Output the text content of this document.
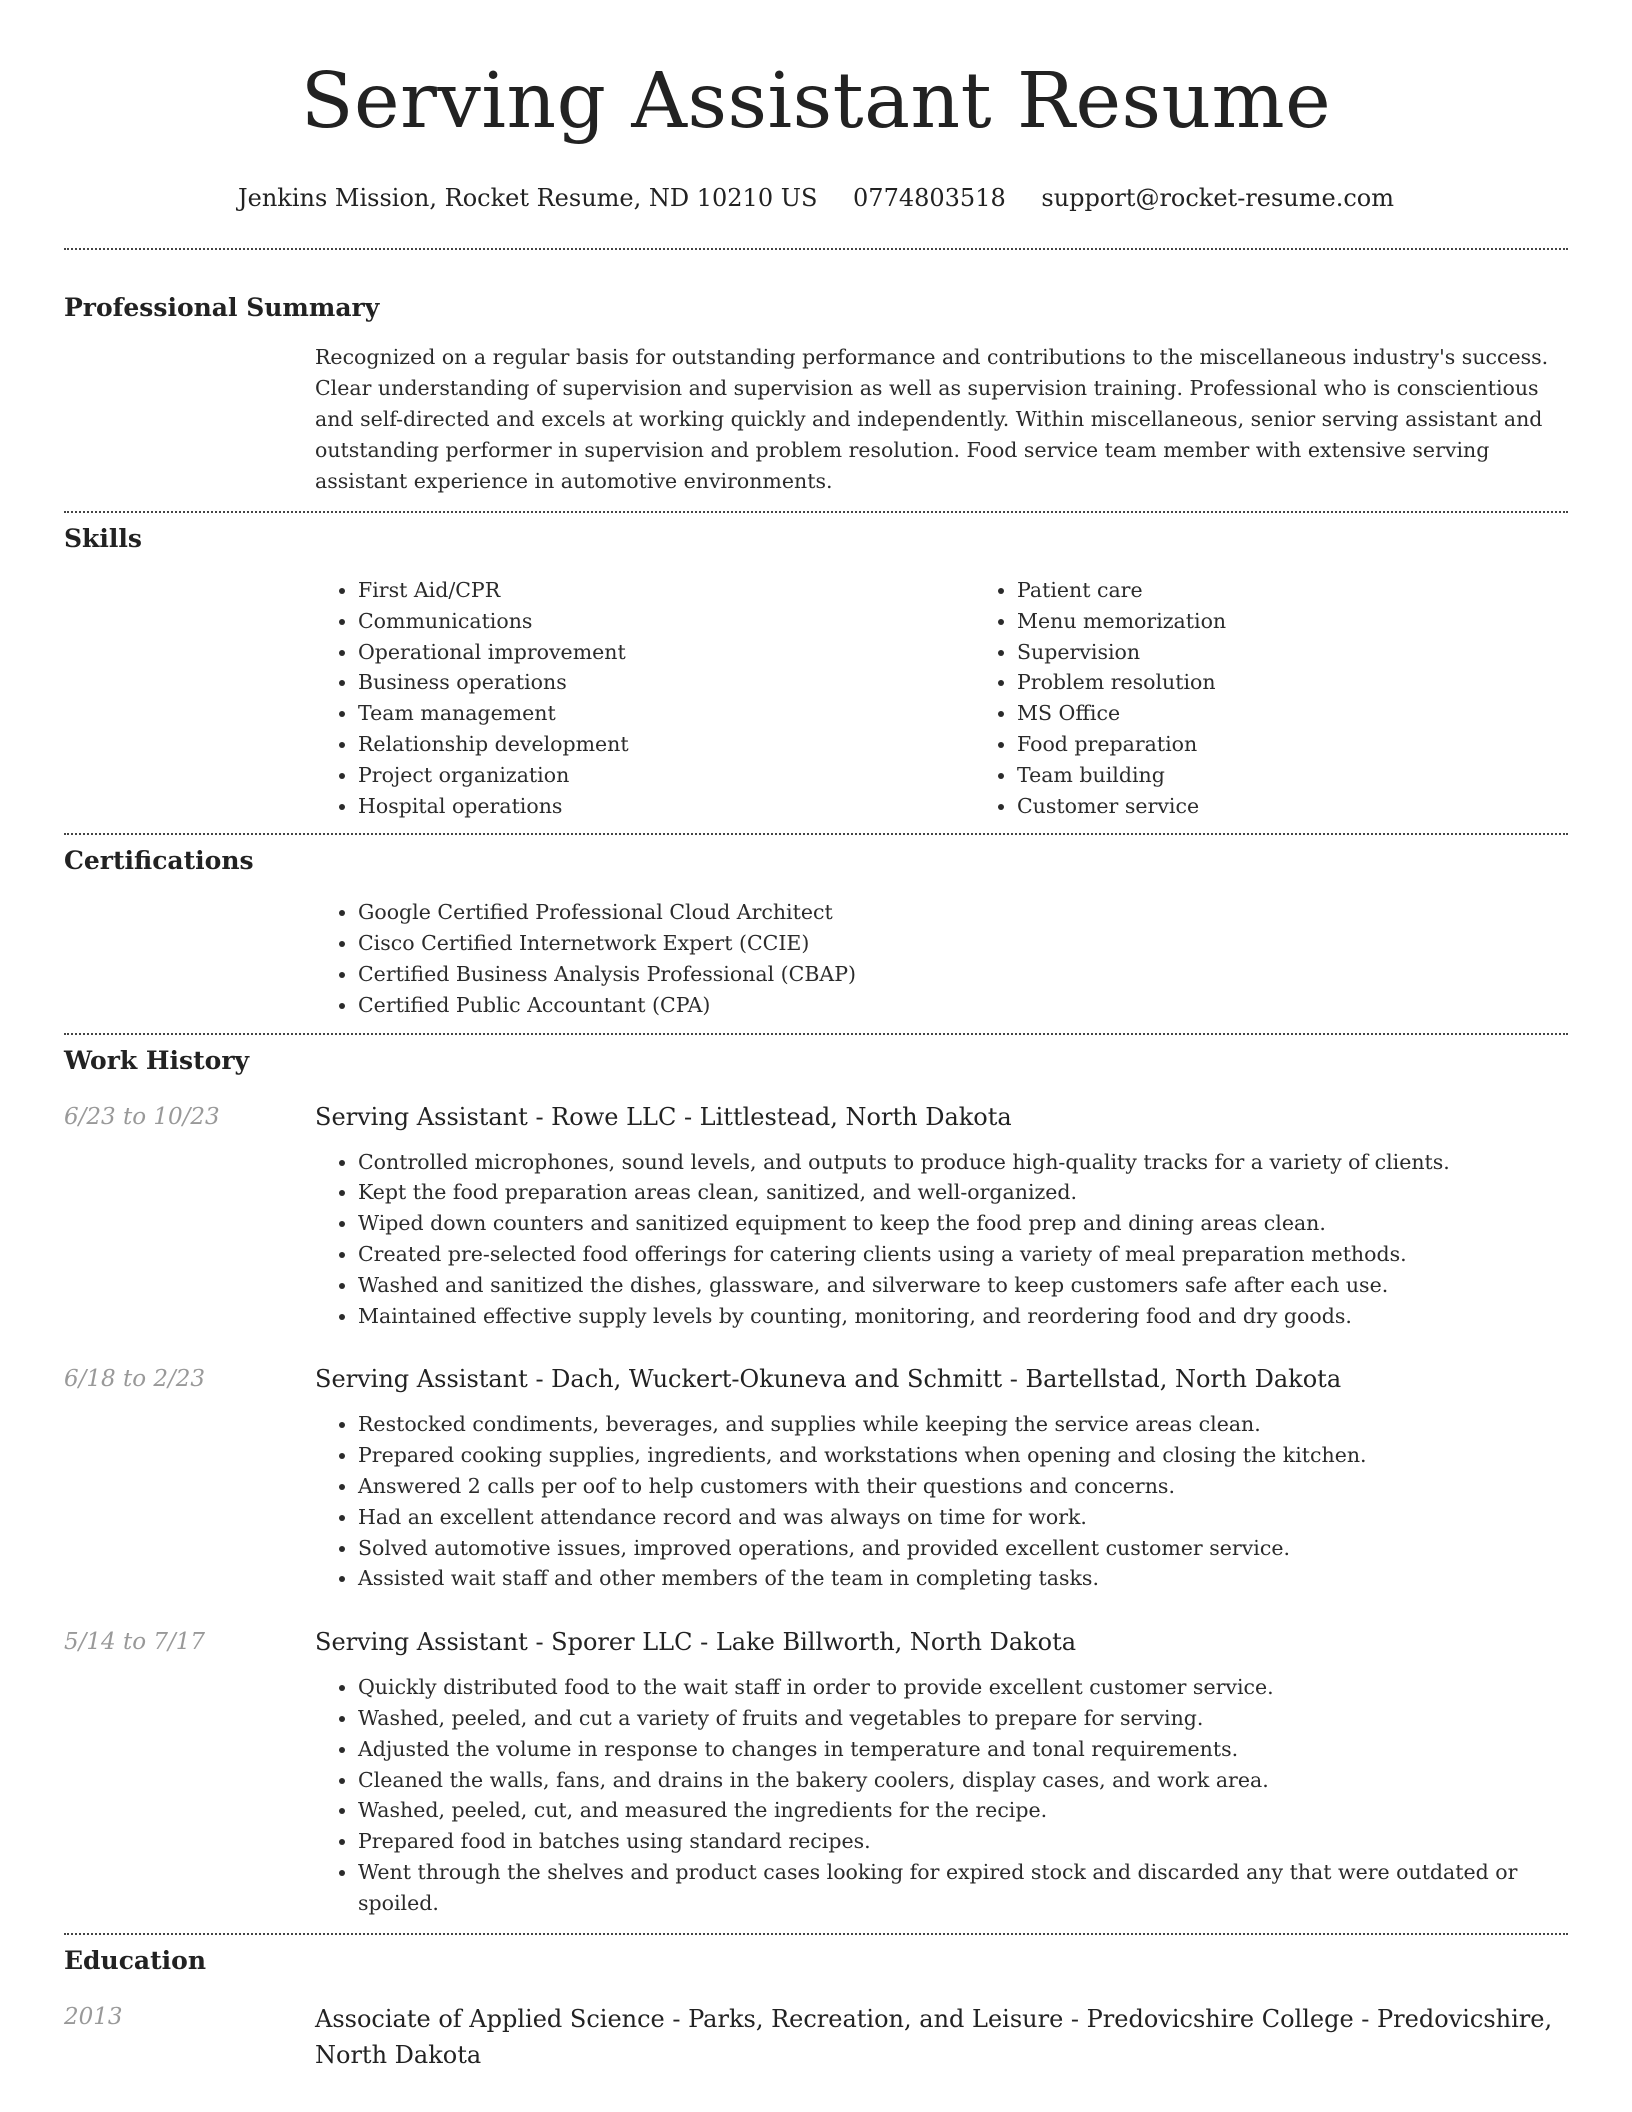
Serving Assistant Resume
Jenkins Mission, Rocket Resume, ND 10210 US 0774803518 support@rocket-resume.com
Professional Summary
Recognized on a regular basis for outstanding performance and contributions to the miscellaneous industry's success. Clear understanding of supervision and supervision as well as supervision training. Professional who is conscientious and self-directed and excels at working quickly and independently. Within miscellaneous, senior serving assistant and outstanding performer in supervision and problem resolution. Food service team member with extensive serving assistant experience in automotive environments.
Skills
• First Aid/CPR
• Communications
• Operational improvement
• Business operations
• Team management
• Relationship development
• Project organization
• Hospital operations
• Patient care
• Menu memorization
• Supervision
• Problem resolution
• MS Office
• Food preparation
• Team building
• Customer service
Certifications
• Google Certified Professional Cloud Architect
• Cisco Certified Internetwork Expert (CCIE)
• Certified Business Analysis Professional (CBAP)
• Certified Public Accountant (CPA)
Work History
6/23 to 10/23	Serving Assistant - Rowe LLC - Littlestead, North Dakota
• Controlled microphones, sound levels, and outputs to produce high-quality tracks for a variety of clients.
• Kept the food preparation areas clean, sanitized, and well-organized.
• Wiped down counters and sanitized equipment to keep the food prep and dining areas clean.
• Created pre-selected food offerings for catering clients using a variety of meal preparation methods.
• Washed and sanitized the dishes, glassware, and silverware to keep customers safe after each use.
• Maintained effective supply levels by counting, monitoring, and reordering food and dry goods.
6/18 to 2/23	Serving Assistant - Dach, Wuckert-Okuneva and Schmitt - Bartellstad, North Dakota
• Restocked condiments, beverages, and supplies while keeping the service areas clean.
• Prepared cooking supplies, ingredients, and workstations when opening and closing the kitchen.
• Answered 2 calls per oof to help customers with their questions and concerns.
• Had an excellent attendance record and was always on time for work.
• Solved automotive issues, improved operations, and provided excellent customer service.
• Assisted wait staff and other members of the team in completing tasks.
5/14 to 7/17	Serving Assistant - Sporer LLC - Lake Billworth, North Dakota
• Quickly distributed food to the wait staff in order to provide excellent customer service.
• Washed, peeled, and cut a variety of fruits and vegetables to prepare for serving.
• Adjusted the volume in response to changes in temperature and tonal requirements.
• Cleaned the walls, fans, and drains in the bakery coolers, display cases, and work area.
• Washed, peeled, cut, and measured the ingredients for the recipe.
• Prepared food in batches using standard recipes.
• Went through the shelves and product cases looking for expired stock and discarded any that were outdated or spoiled.
Education
2013	Associate of Applied Science - Parks, Recreation, and Leisure - Predovicshire College - Predovicshire, North Dakota
